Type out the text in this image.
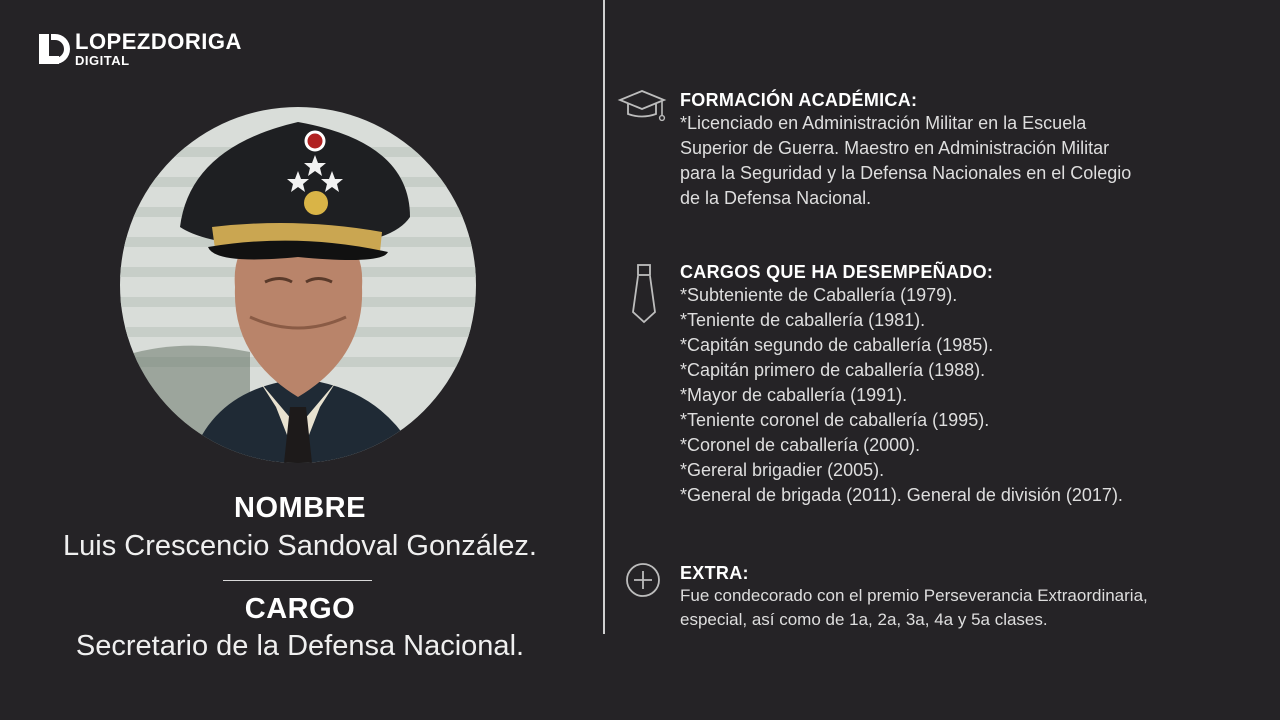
LOPEZDORIGA
DIGITAL
NOMBRE
Luis Crescencio Sandoval González.
CARGO
Secretario de la Defensa Nacional.
FORMACIÓN ACADÉMICA:

*Licenciado en Administración Militar en la Escuela

Superior de Guerra. Maestro en Administración Militar

para la Seguridad y la Defensa Nacionales en el Colegio

de la Defensa Nacional.

CARGOS QUE HA DESEMPEÑADO:

*Subteniente de Caballería (1979).

*Teniente de caballería (1981).

*Capitán segundo de caballería (1985).

*Capitán primero de caballería (1988).

*Mayor de caballería (1991).

*Teniente coronel de caballería (1995).

*Coronel de caballería (2000).

*Gereral brigadier (2005).

*General de brigada (2011). General de división (2017).

EXTRA:

Fue condecorado con el premio Perseverancia Extraordinaria,

especial, así como de 1a, 2a, 3a, 4a y 5a clases.
